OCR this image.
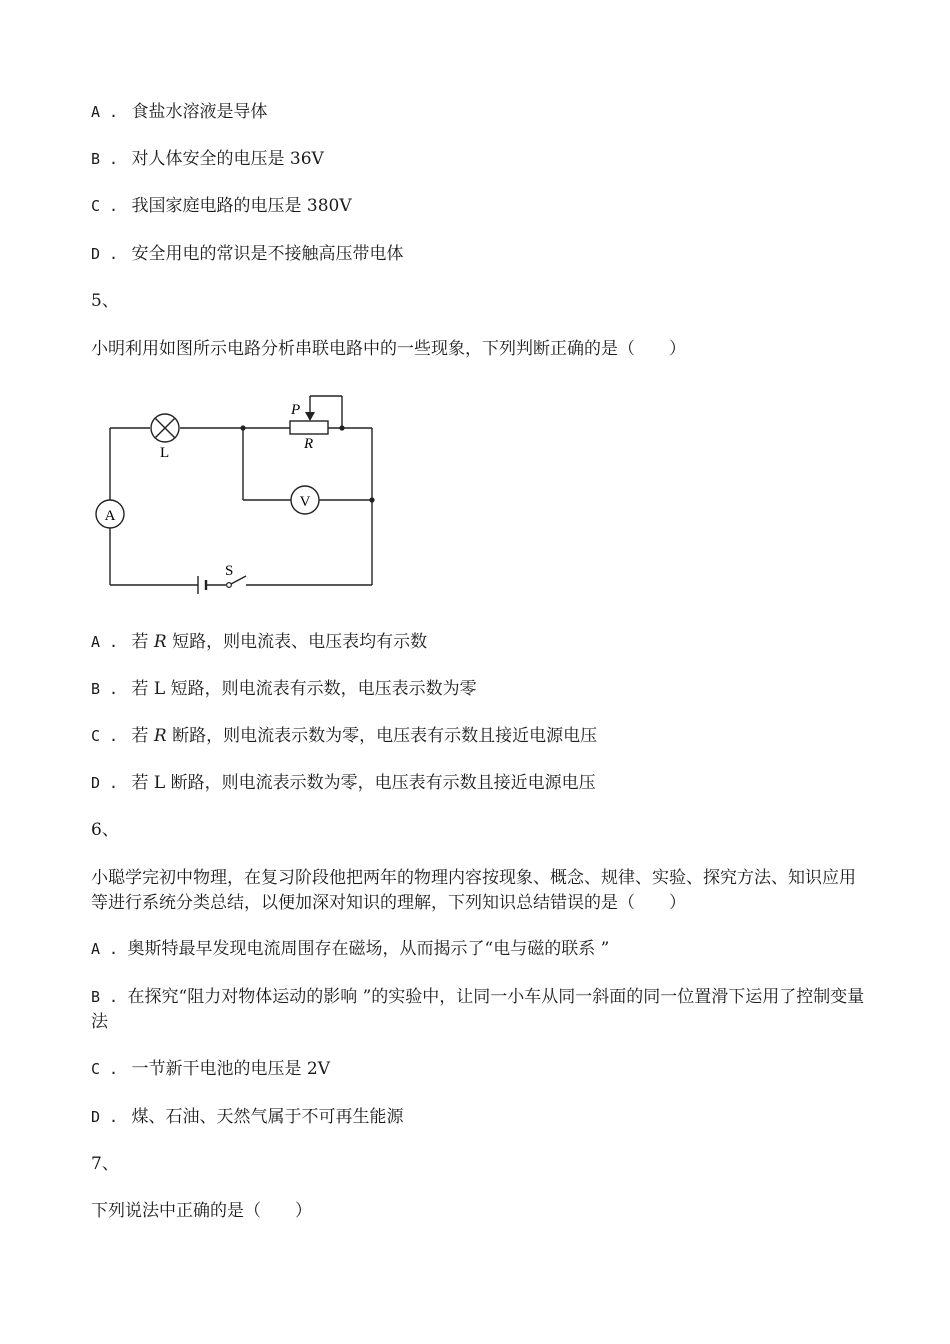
A . 食盐水溶液是导体
B . 对人体安全的电压是 36V
C . 我国家庭电路的电压是 380V
D . 安全用电的常识是不接触高压带电体
5、
小明利用如图所示电路分析串联电路中的一些现象，下列判断正确的是（　　）
L
P
R
V
A
S
A . 若 R 短路，则电流表、电压表均有示数
B . 若 L 短路，则电流表有示数，电压表示数为零
C . 若 R 断路，则电流表示数为零，电压表有示数且接近电源电压
D . 若 L 断路，则电流表示数为零，电压表有示数且接近电源电压
6、
小聪学完初中物理，在复习阶段他把两年的物理内容按现象、概念、规律、实验、探究方法、知识应用等进行系统分类总结，以便加深对知识的理解，下列知识总结错误的是（　　）
A . 奥斯特最早发现电流周围存在磁场，从而揭示了“电与磁的联系 ”
B . 在探究“阻力对物体运动的影响 ”的实验中，让同一小车从同一斜面的同一位置滑下运用了控制变量法
C . 一节新干电池的电压是 2V
D . 煤、石油、天然气属于不可再生能源
7、
下列说法中正确的是（　　）
